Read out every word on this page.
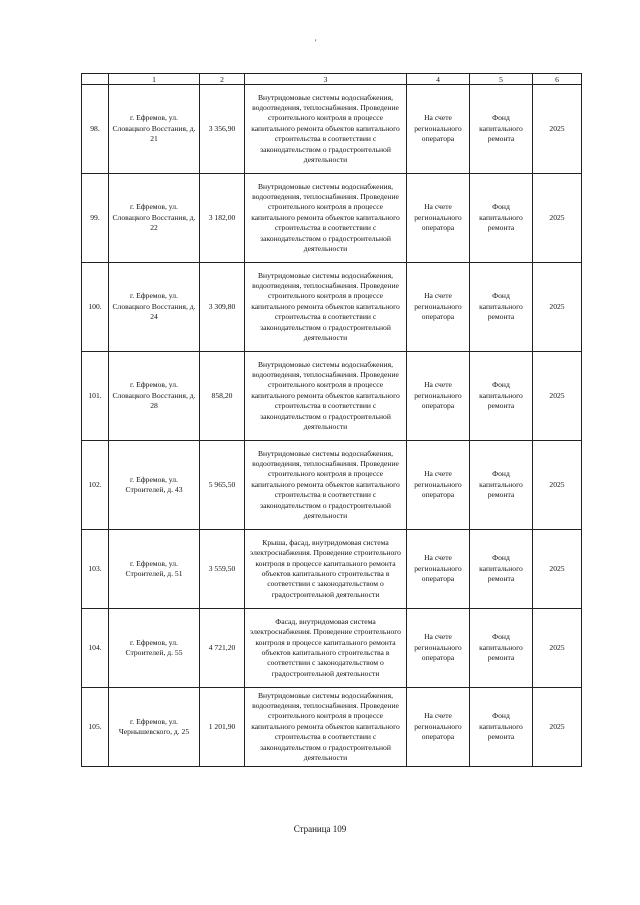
'
	1	2	3	4	5	6
98.	г. Ефремов, ул. Словацкого Восстания, д. 21	3 356,90	Внутридомовые системы водоснабжения, водоотведения, теплоснабжения. Проведение строительного контроля в процессе капитального ремонта объектов капитального строительства в соответствии с законодательством о градостроительной деятельности	На счете регионального оператора	Фонд капитального ремонта	2025
99.	г. Ефремов, ул. Словацкого Восстания, д. 22	3 182,00	Внутридомовые системы водоснабжения, водоотведения, теплоснабжения. Проведение строительного контроля в процессе капитального ремонта объектов капитального строительства в соответствии с законодательством о градостроительной деятельности	На счете регионального оператора	Фонд капитального ремонта	2025
100.	г. Ефремов, ул. Словацкого Восстания, д. 24	3 309,80	Внутридомовые системы водоснабжения, водоотведения, теплоснабжения. Проведение строительного контроля в процессе капитального ремонта объектов капитального строительства в соответствии с законодательством о градостроительной деятельности	На счете регионального оператора	Фонд капитального ремонта	2025
101.	г. Ефремов, ул. Словацкого Восстания, д. 28	858,20	Внутридомовые системы водоснабжения, водоотведения, теплоснабжения. Проведение строительного контроля в процессе капитального ремонта объектов капитального строительства в соответствии с законодательством о градостроительной деятельности	На счете регионального оператора	Фонд капитального ремонта	2025
102.	г. Ефремов, ул. Строителей, д. 43	5 965,50	Внутридомовые системы водоснабжения, водоотведения, теплоснабжения. Проведение строительного контроля в процессе капитального ремонта объектов капитального строительства в соответствии с законодательством о градостроительной деятельности	На счете регионального оператора	Фонд капитального ремонта	2025
103.	г. Ефремов, ул. Строителей, д. 51	3 559,50	Крыша, фасад, внутридомовая система электроснабжения. Проведение строительного контроля в процессе капитального ремонта объектов капитального строительства в соответствии с законодательством о градостроительной деятельности	На счете регионального оператора	Фонд капитального ремонта	2025
104.	г. Ефремов, ул. Строителей, д. 55	4 721,20	Фасад, внутридомовая система электроснабжения. Проведение строительного контроля в процессе капитального ремонта объектов капитального строительства в соответствии с законодательством о градостроительной деятельности	На счете регионального оператора	Фонд капитального ремонта	2025
105.	г. Ефремов, ул. Чернышевского, д. 25	1 201,90	Внутридомовые системы водоснабжения, водоотведения, теплоснабжения. Проведение строительного контроля в процессе капитального ремонта объектов капитального строительства в соответствии с законодательством о градостроительной деятельности	На счете регионального оператора	Фонд капитального ремонта	2025
Страница 109
